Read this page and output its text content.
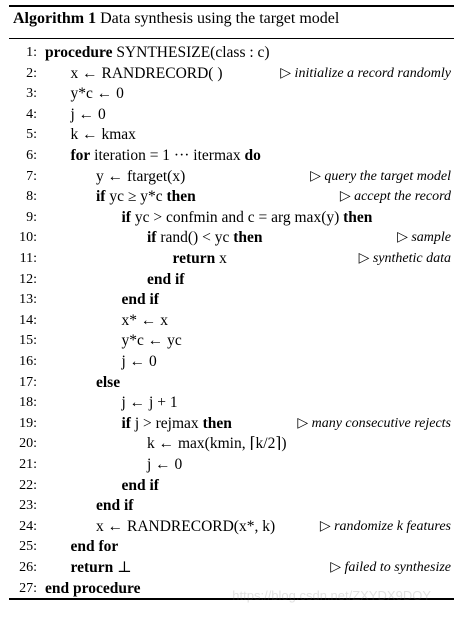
Algorithm 1 Data synthesis using the target model
1: procedure SYNTHESIZE(class : c)
2: x ← RANDRECORD( )	▷ initialize a record randomly
3: y*c ← 0
4: j ← 0
5: k ← kmax
6: for iteration = 1 ··· itermax do
7:	y ← ftarget(x)	▷ query the target model
8:	if yc ≥ y*c then	▷ accept the record
9:	if yc > confmin and c = arg max(y) then
10:	if rand() < yc then	▷ sample
11:	return x	▷ synthetic data
12:	end if
13:	end if
14:	x* ← x
15:	y*c ← yc
16:	j ← 0
17:	else
18:	j ← j + 1
19:	if j > rejmax then	▷ many consecutive rejects
20:	k ← max(kmin, ⌈k/2⌉)
21:	j ← 0
22:	end if
23:	end if
24:	x ← RANDRECORD(x*, k)	▷ randomize k features
25: end for
26: return ⊥	▷ failed to synthesize
27: end procedure	https://blog.csdn.net/ZXYDX9DOY
